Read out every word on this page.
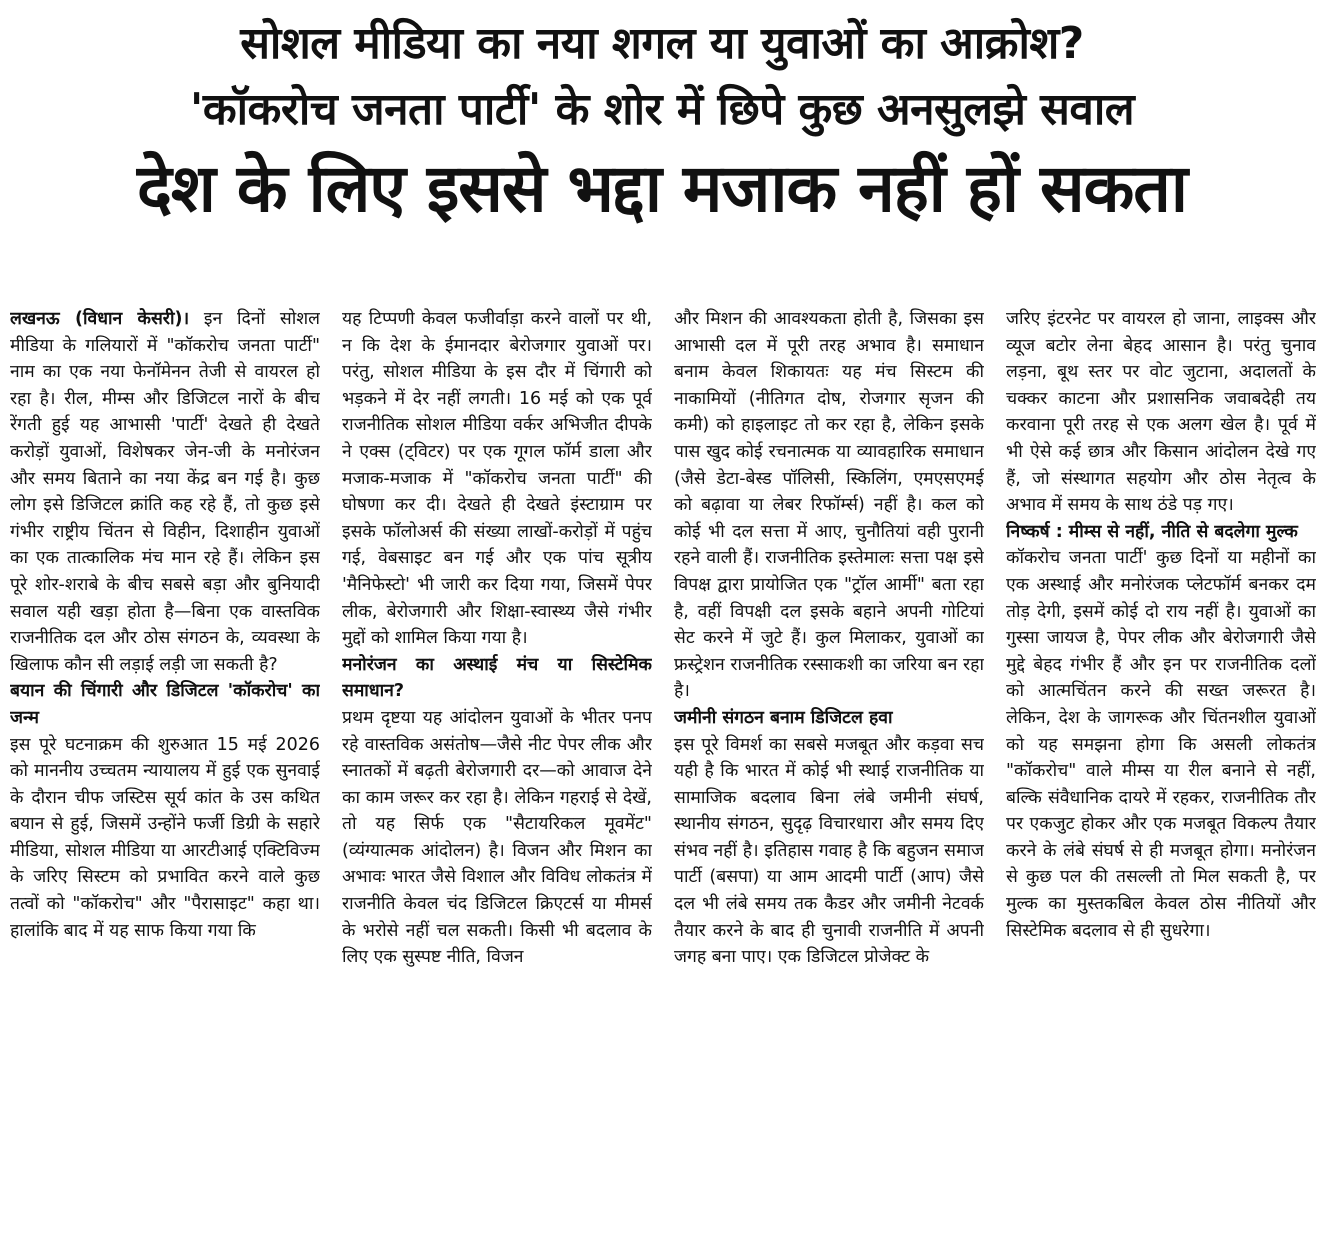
सोशल मीडिया का नया शगल या युवाओं का आक्रोश?
'कॉकरोच जनता पार्टी' के शोर में छिपे कुछ अनसुलझे सवाल
देश के लिए इससे भद्दा मजाक नहीं हों सकता

लखनऊ (विधान केसरी)। इन दिनों सोशल मीडिया के गलियारों में "कॉकरोच जनता पार्टी" नाम का एक नया फेनॉमेनन तेजी से वायरल हो रहा है। रील, मीम्स और डिजिटल नारों के बीच रेंगती हुई यह आभासी 'पार्टी' देखते ही देखते करोड़ों युवाओं, विशेषकर जेन-जी के मनोरंजन और समय बिताने का नया केंद्र बन गई है। कुछ लोग इसे डिजिटल क्रांति कह रहे हैं, तो कुछ इसे गंभीर राष्ट्रीय चिंतन से विहीन, दिशाहीन युवाओं का एक तात्कालिक मंच मान रहे हैं। लेकिन इस पूरे शोर-शराबे के बीच सबसे बड़ा और बुनियादी सवाल यही खड़ा होता है—बिना एक वास्तविक राजनीतिक दल और ठोस संगठन के, व्यवस्था के खिलाफ कौन सी लड़ाई लड़ी जा सकती है?

बयान की चिंगारी और डिजिटल 'कॉकरोच' का जन्म

इस पूरे घटनाक्रम की शुरुआत 15 मई 2026 को माननीय उच्चतम न्यायालय में हुई एक सुनवाई के दौरान चीफ जस्टिस सूर्य कांत के उस कथित बयान से हुई, जिसमें उन्होंने फर्जी डिग्री के सहारे मीडिया, सोशल मीडिया या आरटीआई एक्टिविज्म के जरिए सिस्टम को प्रभावित करने वाले कुछ तत्वों को "कॉकरोच" और "पैरासाइट" कहा था। हालांकि बाद में यह साफ किया गया कि

यह टिप्पणी केवल फजीर्वाड़ा करने वालों पर थी, न कि देश के ईमानदार बेरोजगार युवाओं पर। परंतु, सोशल मीडिया के इस दौर में चिंगारी को भड़कने में देर नहीं लगती। 16 मई को एक पूर्व राजनीतिक सोशल मीडिया वर्कर अभिजीत दीपके ने एक्स (ट्विटर) पर एक गूगल फॉर्म डाला और मजाक-मजाक में "कॉकरोच जनता पार्टी" की घोषणा कर दी। देखते ही देखते इंस्टाग्राम पर इसके फॉलोअर्स की संख्या लाखों-करोड़ों में पहुंच गई, वेबसाइट बन गई और एक पांच सूत्रीय 'मैनिफेस्टो' भी जारी कर दिया गया, जिसमें पेपर लीक, बेरोजगारी और शिक्षा-स्वास्थ्य जैसे गंभीर मुद्दों को शामिल किया गया है।

मनोरंजन का अस्थाई मंच या सिस्टेमिक समाधान?

प्रथम दृष्टया यह आंदोलन युवाओं के भीतर पनप रहे वास्तविक असंतोष—जैसे नीट पेपर लीक और स्नातकों में बढ़ती बेरोजगारी दर—को आवाज देने का काम जरूर कर रहा है। लेकिन गहराई से देखें, तो यह सिर्फ एक "सैटायरिकल मूवमेंट" (व्यंग्यात्मक आंदोलन) है। विजन और मिशन का अभावः भारत जैसे विशाल और विविध लोकतंत्र में राजनीति केवल चंद डिजिटल क्रिएटर्स या मीमर्स के भरोसे नहीं चल सकती। किसी भी बदलाव के लिए एक सुस्पष्ट नीति, विजन

और मिशन की आवश्यकता होती है, जिसका इस आभासी दल में पूरी तरह अभाव है। समाधान बनाम केवल शिकायतः यह मंच सिस्टम की नाकामियों (नीतिगत दोष, रोजगार सृजन की कमी) को हाइलाइट तो कर रहा है, लेकिन इसके पास खुद कोई रचनात्मक या व्यावहारिक समाधान (जैसे डेटा-बेस्ड पॉलिसी, स्किलिंग, एमएसएमई को बढ़ावा या लेबर रिफॉर्म्स) नहीं है। कल को कोई भी दल सत्ता में आए, चुनौतियां वही पुरानी रहने वाली हैं। राजनीतिक इस्तेमालः सत्ता पक्ष इसे विपक्ष द्वारा प्रायोजित एक "ट्रॉल आर्मी" बता रहा है, वहीं विपक्षी दल इसके बहाने अपनी गोटियां सेट करने में जुटे हैं। कुल मिलाकर, युवाओं का फ्रस्ट्रेशन राजनीतिक रस्साकशी का जरिया बन रहा है।

जमीनी संगठन बनाम डिजिटल हवा

इस पूरे विमर्श का सबसे मजबूत और कड़वा सच यही है कि भारत में कोई भी स्थाई राजनीतिक या सामाजिक बदलाव बिना लंबे जमीनी संघर्ष, स्थानीय संगठन, सुदृढ़ विचारधारा और समय दिए संभव नहीं है। इतिहास गवाह है कि बहुजन समाज पार्टी (बसपा) या आम आदमी पार्टी (आप) जैसे दल भी लंबे समय तक कैडर और जमीनी नेटवर्क तैयार करने के बाद ही चुनावी राजनीति में अपनी जगह बना पाए। एक डिजिटल प्रोजेक्ट के

जरिए इंटरनेट पर वायरल हो जाना, लाइक्स और व्यूज बटोर लेना बेहद आसान है। परंतु चुनाव लड़ना, बूथ स्तर पर वोट जुटाना, अदालतों के चक्कर काटना और प्रशासनिक जवाबदेही तय करवाना पूरी तरह से एक अलग खेल है। पूर्व में भी ऐसे कई छात्र और किसान आंदोलन देखे गए हैं, जो संस्थागत सहयोग और ठोस नेतृत्व के अभाव में समय के साथ ठंडे पड़ गए।

निष्कर्ष : मीम्स से नहीं, नीति से बदलेगा मुल्क

कॉकरोच जनता पार्टी' कुछ दिनों या महीनों का एक अस्थाई और मनोरंजक प्लेटफॉर्म बनकर दम तोड़ देगी, इसमें कोई दो राय नहीं है। युवाओं का गुस्सा जायज है, पेपर लीक और बेरोजगारी जैसे मुद्दे बेहद गंभीर हैं और इन पर राजनीतिक दलों को आत्मचिंतन करने की सख्त जरूरत है। लेकिन, देश के जागरूक और चिंतनशील युवाओं को यह समझना होगा कि असली लोकतंत्र "कॉकरोच" वाले मीम्स या रील बनाने से नहीं, बल्कि संवैधानिक दायरे में रहकर, राजनीतिक तौर पर एकजुट होकर और एक मजबूत विकल्प तैयार करने के लंबे संघर्ष से ही मजबूत होगा। मनोरंजन से कुछ पल की तसल्ली तो मिल सकती है, पर मुल्क का मुस्तकबिल केवल ठोस नीतियों और सिस्टेमिक बदलाव से ही सुधरेगा।
